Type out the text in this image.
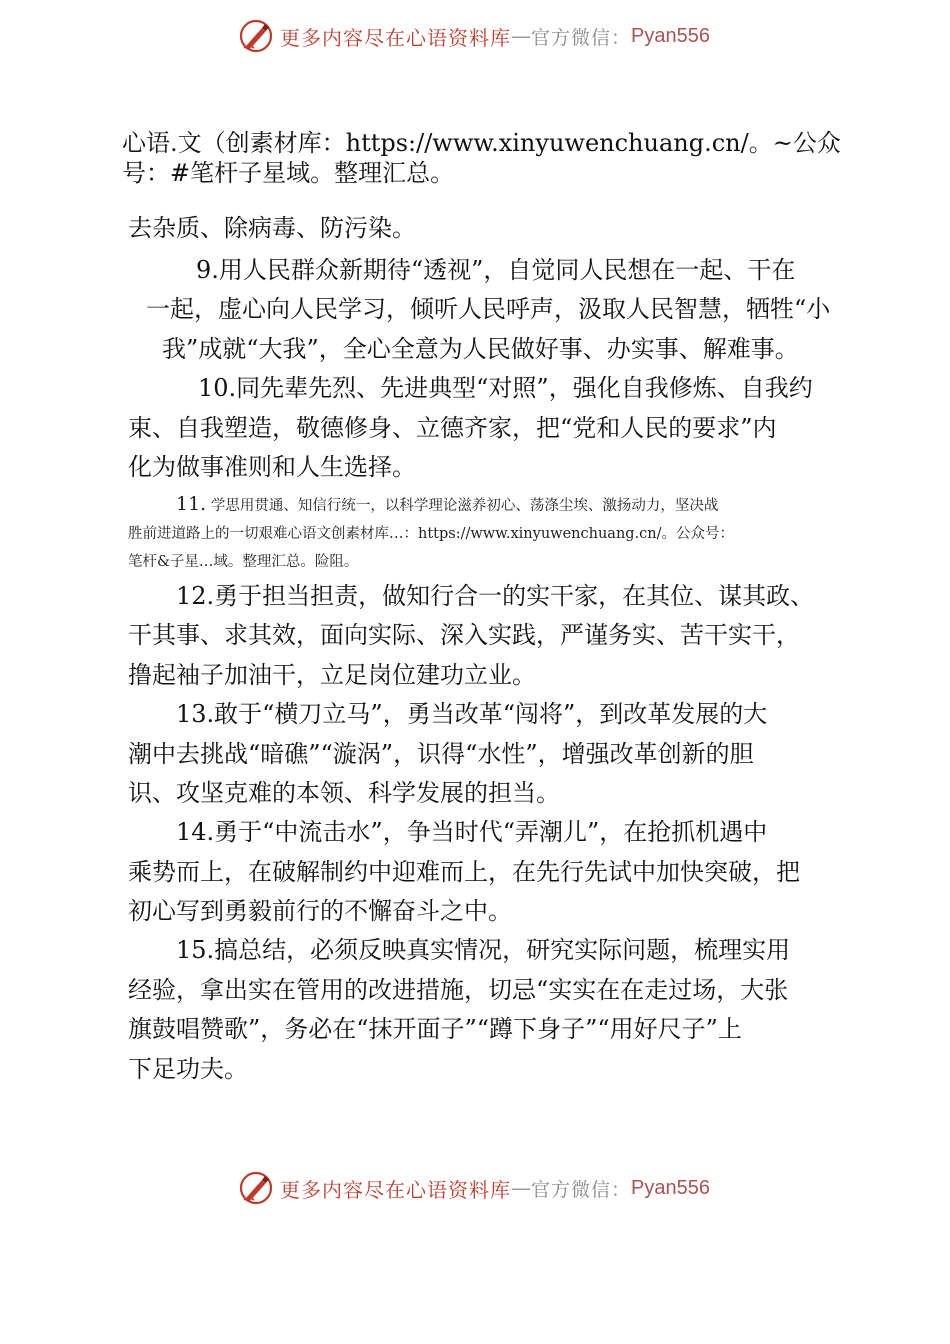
更多内容尽在心语资料库 — 官方微信： Pyan556

心语.文（创素材库：https://www.xinyuwenchuang.cn/。~公众

号：#笔杆子星域。整理汇总。

去杂质、除病毒、防污染。

9.用人民群众新期待“透视”，自觉同人民想在一起、干在

一起，虚心向人民学习，倾听人民呼声，汲取人民智慧，牺牲“小

我”成就“大我”，全心全意为人民做好事、办实事、解难事。

10.同先辈先烈、先进典型“对照”，强化自我修炼、自我约

束、自我塑造，敬德修身、立德齐家，把“党和人民的要求”内

化为做事准则和人生选择。

11. 学思用贯通、知信行统一，以科学理论滋养初心、荡涤尘埃、激扬动力，坚决战

胜前进道路上的一切艰难心语文创素材库…：https://www.xinyuwenchuang.cn/。公众号：

笔杆&子星…域。整理汇总。险阻。

12.勇于担当担责，做知行合一的实干家，在其位、谋其政、

干其事、求其效，面向实际、深入实践，严谨务实、苦干实干，

撸起袖子加油干，立足岗位建功立业。

13.敢于“横刀立马”，勇当改革“闯将”，到改革发展的大

潮中去挑战“暗礁”“漩涡”，识得“水性”，增强改革创新的胆

识、攻坚克难的本领、科学发展的担当。

14.勇于“中流击水”，争当时代“弄潮儿”，在抢抓机遇中

乘势而上，在破解制约中迎难而上，在先行先试中加快突破，把

初心写到勇毅前行的不懈奋斗之中。

15.搞总结，必须反映真实情况，研究实际问题，梳理实用

经验，拿出实在管用的改进措施，切忌“实实在在走过场，大张

旗鼓唱赞歌”，务必在“抹开面子”“蹲下身子”“用好尺子”上

下足功夫。

更多内容尽在心语资料库 — 官方微信： Pyan556
